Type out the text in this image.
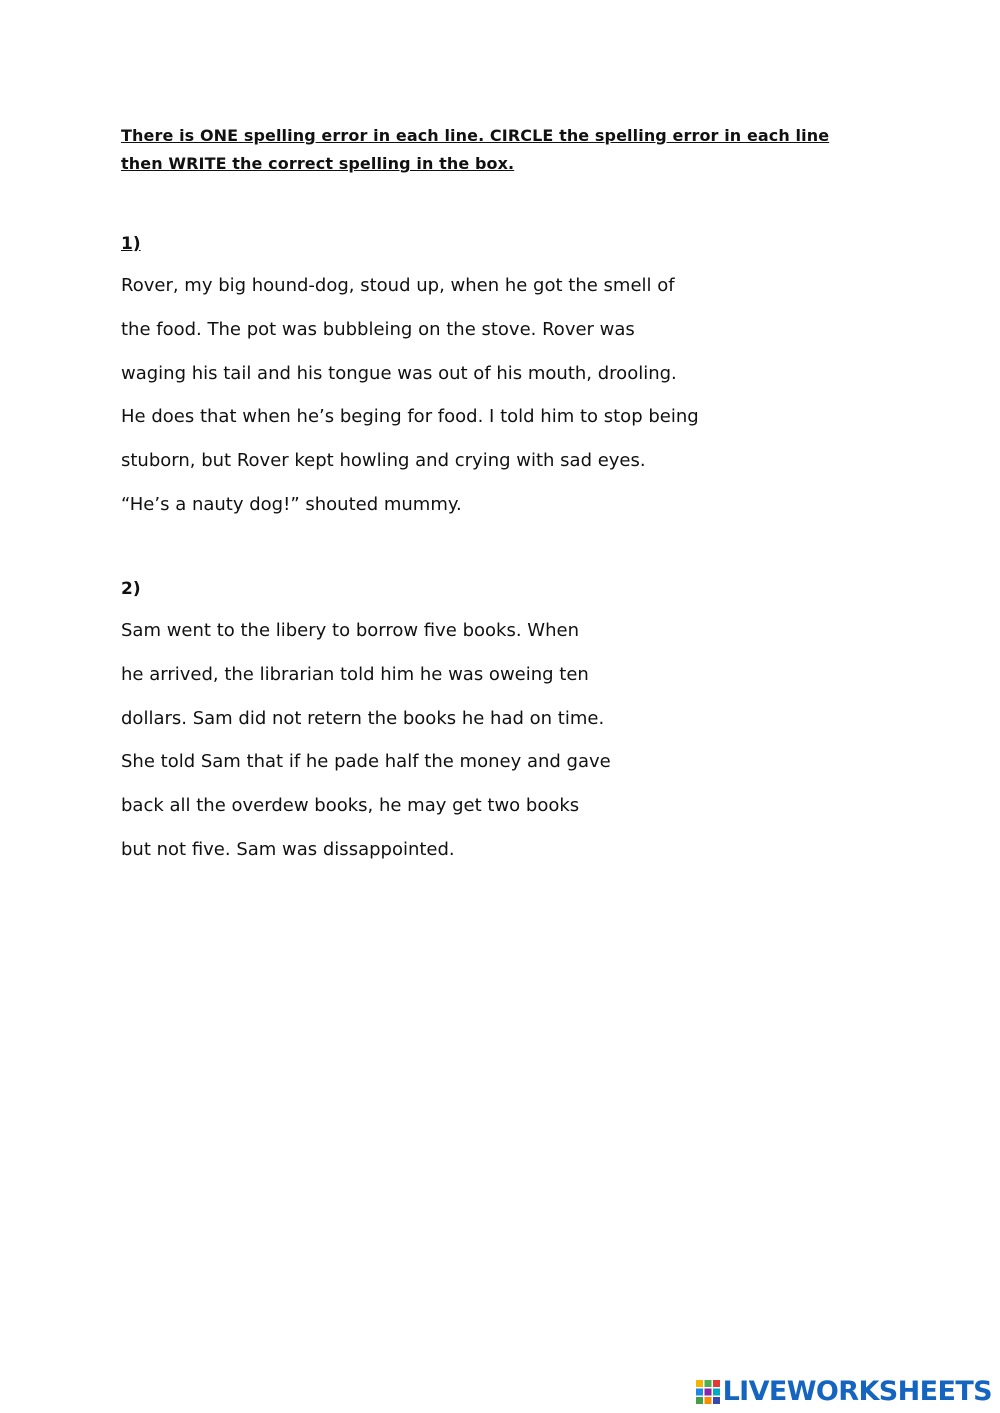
There is ONE spelling error in each line. CIRCLE the spelling error in each line then WRITE the correct spelling in the box.
1)
Rover, my big hound-dog, stoud up, when he got the smell of
the food. The pot was bubbleing on the stove. Rover was
waging his tail and his tongue was out of his mouth, drooling.
He does that when he’s beging for food. I told him to stop being
stuborn, but Rover kept howling and crying with sad eyes.
“He’s a nauty dog!” shouted mummy.
2)
Sam went to the libery to borrow five books. When
he arrived, the librarian told him he was oweing ten
dollars. Sam did not retern the books he had on time.
She told Sam that if he pade half the money and gave
back all the overdew books, he may get two books
but not five. Sam was dissappointed.
LIVEWORKSHEETS
